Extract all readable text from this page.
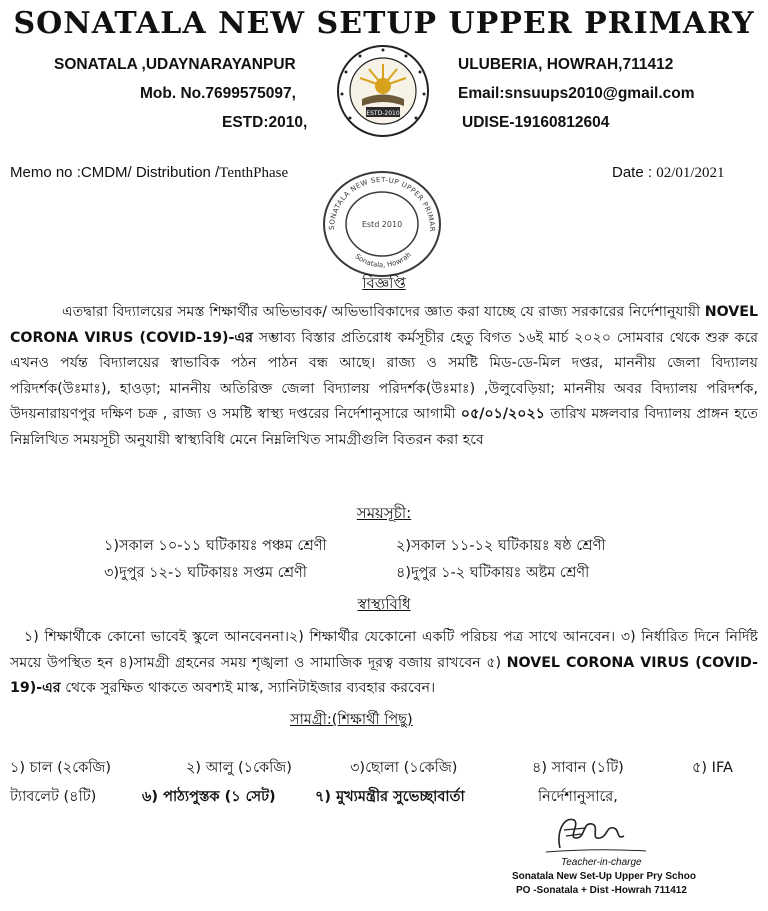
SONATALA NEW SETUP UPPER PRIMARY
SONATALA ,UDAYNARAYANPUR	ULUBERIA, HOWRAH,711412
Mob. No.7699575097,	Email:snsuups2010@gmail.com
ESTD:2010,	UDISE-19160812604
ESTD-2010
Memo no :CMDM/ Distribution /TenthPhase	Date : 02/01/2021
SONATALA NEW SET-UP UPPER PRIMAR
Sonatala, Howrah
Estd 2010
বিজ্ঞপ্তি
এতদ্বারা বিদ্যালয়ের সমস্ত শিক্ষার্থীর অভিভাবক/ অভিভাবিকাদের জ্ঞাত করা যাচ্ছে যে রাজ্য সরকারের নির্দেশানুযায়ী NOVEL CORONA VIRUS (COVID-19)-এর সম্ভাব্য বিস্তার প্রতিরোধ কর্মসূচীর হেতু বিগত ১৬ই মার্চ ২০২০ সোমবার থেকে শুরু করে এখনও পর্যন্ত বিদ্যালয়ের স্বাভাবিক পঠন পাঠন বন্ধ আছে। রাজ্য ও সমষ্টি মিড-ডে-মিল দপ্তর, মাননীয় জেলা বিদ্যালয় পরিদর্শক(উঃমাঃ), হাওড়া; মাননীয় অতিরিক্ত জেলা বিদ্যালয় পরিদর্শক(উঃমাঃ) ,উলুবেড়িয়া; মাননীয় অবর বিদ্যালয় পরিদর্শক, উদয়নারায়ণপুর দক্ষিণ চক্র , রাজ্য ও সমষ্টি স্বাস্থ্য দপ্তরের নির্দেশানুসারে আগামী ০৫/০১/২০২১ তারিখ মঙ্গলবার বিদ্যালয় প্রাঙ্গন হতে নিম্নলিখিত সময়সূচী অনুযায়ী স্বাস্থ্যবিধি মেনে নিম্নলিখিত সামগ্রীগুলি বিতরন করা হবে
সময়সূচী:
১)সকাল ১০-১১ ঘটিকায়ঃ পঞ্চম শ্রেণী	২)সকাল ১১-১২ ঘটিকায়ঃ ষষ্ঠ শ্রেণী
৩)দুপুর ১২-১ ঘটিকায়ঃ সপ্তম শ্রেণী	৪)দুপুর ১-২ ঘটিকায়ঃ অষ্টম শ্রেণী
স্বাস্থ্যবিধি
১) শিক্ষার্থীকে কোনো ভাবেই স্কুলে আনবেননা।২) শিক্ষার্থীর যেকোনো একটি পরিচয় পত্র সাথে আনবেন। ৩) নির্ধারিত দিনে নির্দিষ্ট সময়ে উপস্থিত হন ৪)সামগ্রী গ্রহনের সময় শৃঙ্খলা ও সামাজিক দূরত্ব বজায় রাখবেন ৫) NOVEL CORONA VIRUS (COVID-19)-এর থেকে সুরক্ষিত থাকতে অবশ্যই মাস্ক, স্যানিটাইজার ব্যবহার করবেন।
সামগ্রী:(শিক্ষার্থী পিছু)
১) চাল (২কেজি)	২) আলু (১কেজি)	৩)ছোলা (১কেজি)	৪) সাবান (১টি)	৫) IFA
ট্যাবলেট (৪টি)	৬) পাঠ্যপুস্তক (১ সেট)	৭) মুখ্যমন্ত্রীর সুভেচ্ছাবার্তা	নির্দেশানুসারে,
Teacher-in-charge
Sonatala New Set-Up Upper Pry Schoo
PO -Sonatala + Dist -Howrah 711412
